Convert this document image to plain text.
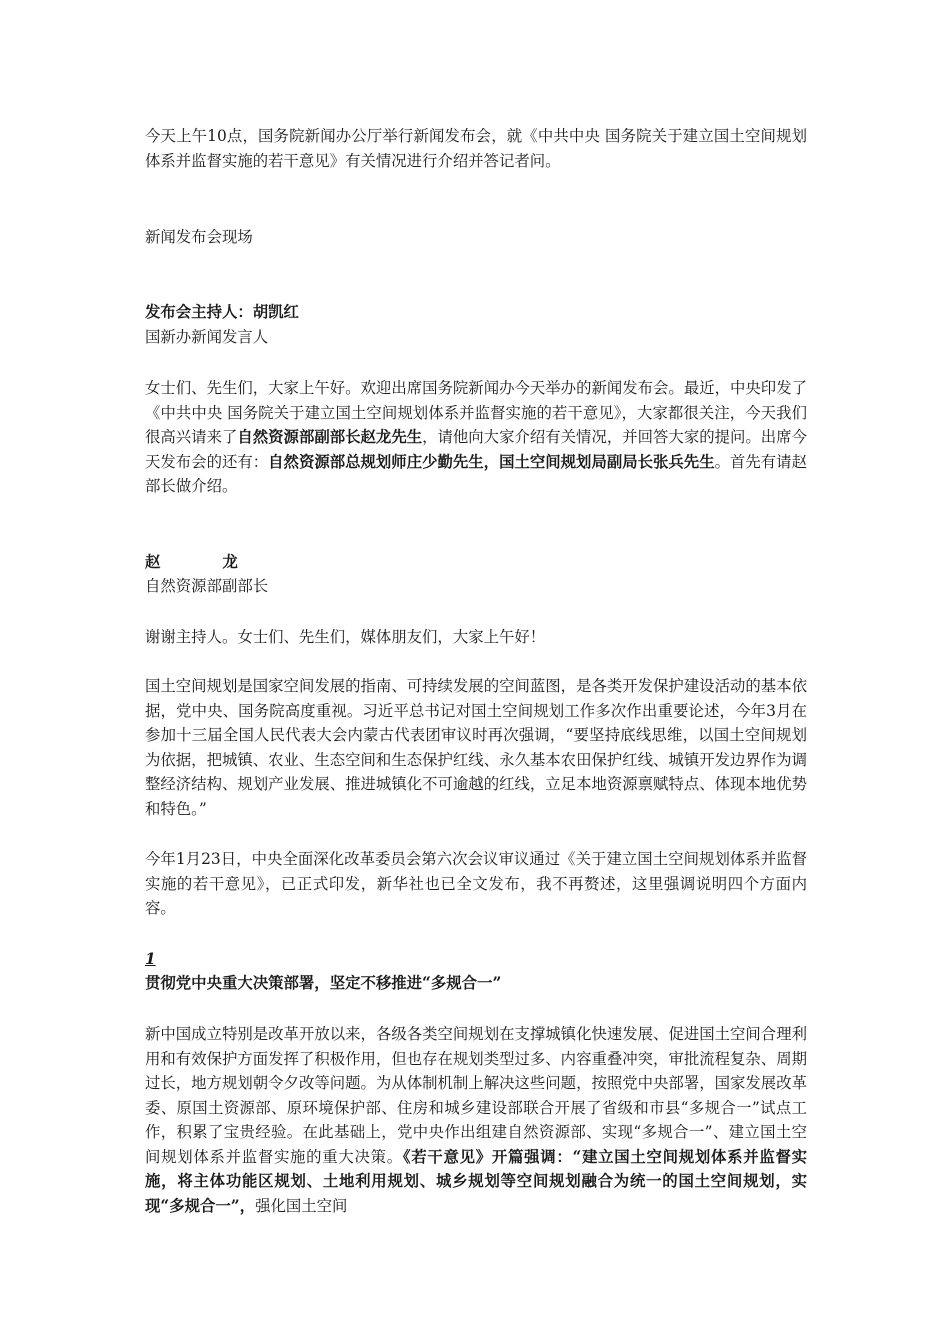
今天上午10点，国务院新闻办公厅举行新闻发布会，就《中共中央 国务院关于建立国土空间规划体系并监督实施的若干意见》有关情况进行介绍并答记者问。

新闻发布会现场

发布会主持人：胡凯红

国新办新闻发言人

女士们、先生们，大家上午好。欢迎出席国务院新闻办今天举办的新闻发布会。最近，中央印发了《中共中央 国务院关于建立国土空间规划体系并监督实施的若干意见》，大家都很关注，今天我们很高兴请来了自然资源部副部长赵龙先生，请他向大家介绍有关情况，并回答大家的提问。出席今天发布会的还有：自然资源部总规划师庄少勤先生，国土空间规划局副局长张兵先生。首先有请赵部长做介绍。

赵	龙

自然资源部副部长

谢谢主持人。女士们、先生们，媒体朋友们，大家上午好！

国土空间规划是国家空间发展的指南、可持续发展的空间蓝图，是各类开发保护建设活动的基本依据，党中央、国务院高度重视。习近平总书记对国土空间规划工作多次作出重要论述，今年3月在参加十三届全国人民代表大会内蒙古代表团审议时再次强调，“要坚持底线思维，以国土空间规划为依据，把城镇、农业、生态空间和生态保护红线、永久基本农田保护红线、城镇开发边界作为调整经济结构、规划产业发展、推进城镇化不可逾越的红线，立足本地资源禀赋特点、体现本地优势和特色。”

今年1月23日，中央全面深化改革委员会第六次会议审议通过《关于建立国土空间规划体系并监督实施的若干意见》，已正式印发，新华社也已全文发布，我不再赘述，这里强调说明四个方面内容。

1

贯彻党中央重大决策部署，坚定不移推进“多规合一”

新中国成立特别是改革开放以来，各级各类空间规划在支撑城镇化快速发展、促进国土空间合理利用和有效保护方面发挥了积极作用，但也存在规划类型过多、内容重叠冲突，审批流程复杂、周期过长，地方规划朝令夕改等问题。为从体制机制上解决这些问题，按照党中央部署，国家发展改革委、原国土资源部、原环境保护部、住房和城乡建设部联合开展了省级和市县“多规合一”试点工作，积累了宝贵经验。在此基础上，党中央作出组建自然资源部、实现“多规合一”、建立国土空间规划体系并监督实施的重大决策。《若干意见》开篇强调：“建立国土空间规划体系并监督实施，将主体功能区规划、土地利用规划、城乡规划等空间规划融合为统一的国土空间规划，实现“多规合一”，强化国土空间
